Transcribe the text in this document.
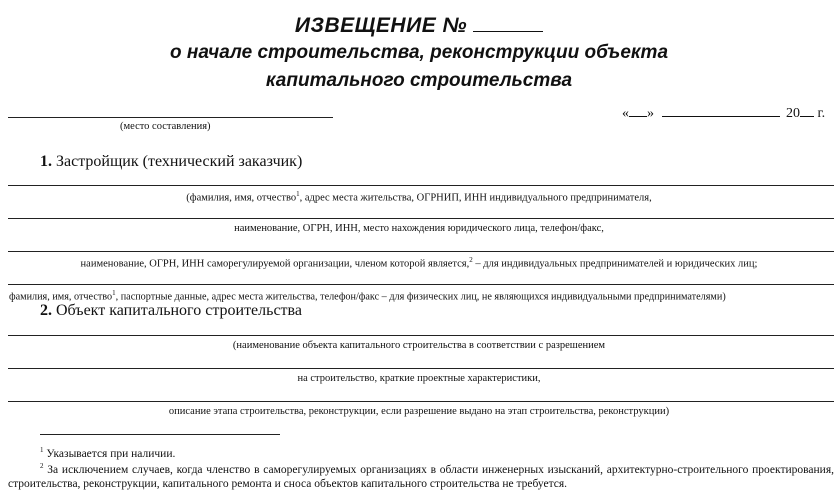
ИЗВЕЩЕНИЕ №
о начале строительства, реконструкции объекта
капитального строительства
(место составления)
« »	20 г.
1. Застройщик (технический заказчик)
(фамилия, имя, отчество$^1$, адрес места жительства, ОГРНИП, ИНН индивидуального предпринимателя,
наименование, ОГРН, ИНН, место нахождения юридического лица, телефон/факс,
наименование, ОГРН, ИНН саморегулируемой организации, членом которой является,$^2$ – для индивидуальных предпринимателей и юридических лиц;
фамилия, имя, отчество$^1$, паспортные данные, адрес места жительства, телефон/факс – для физических лиц, не являющихся индивидуальными предпринимателями)
2. Объект капитального строительства
(наименование объекта капитального строительства в соответствии с разрешением
на строительство, краткие проектные характеристики,
описание этапа строительства, реконструкции, если разрешение выдано на этап строительства, реконструкции)
$^1$ Указывается при наличии.
$^2$ За исключением случаев, когда членство в саморегулируемых организациях в области инженерных изысканий, архитектурно-строительного проектирования, строительства, реконструкции, капитального ремонта и сноса объектов капитального строительства не требуется.
